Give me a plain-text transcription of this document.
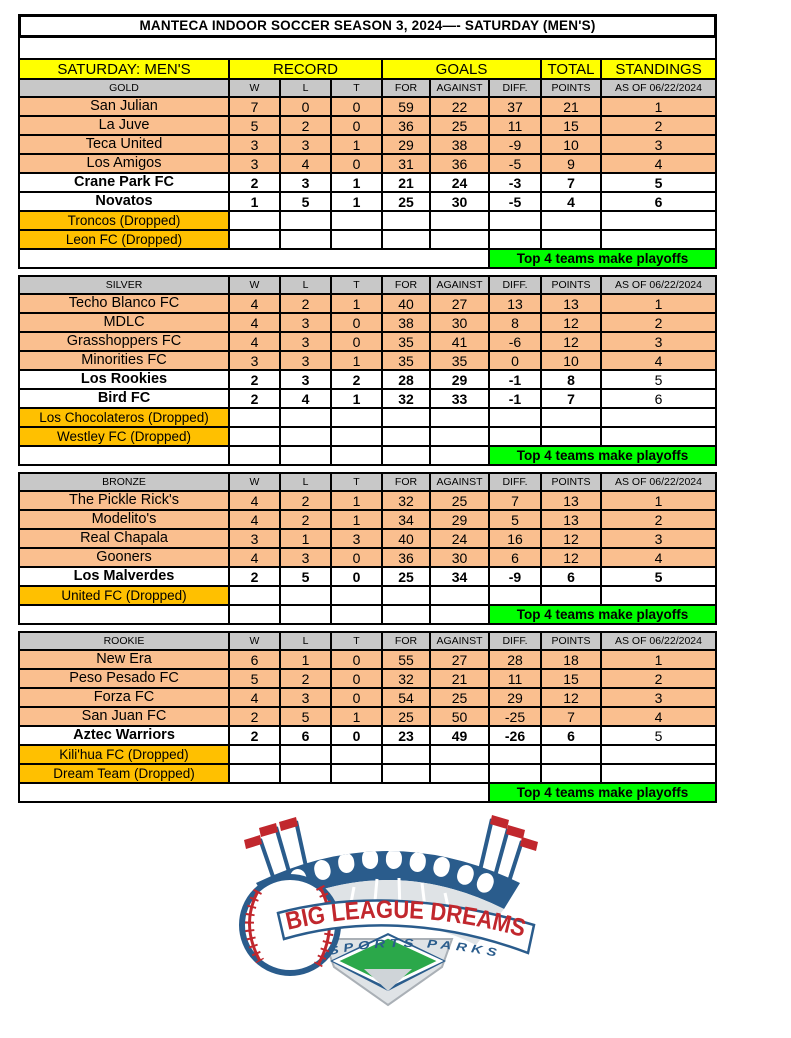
MANTECA INDOOR SOCCER SEASON 3, 2024—- SATURDAY (MEN'S)
SATURDAY: MEN'S	RECORD			GOALS			TOTAL	STANDINGS
GOLD	W	L	T	FOR	AGAINST	DIFF.	POINTS	AS OF 06/22/2024
San Julian	7	0	0	59	22	37	21	1
La Juve	5	2	0	36	25	11	15	2
Teca United	3	3	1	29	38	-9	10	3
Los Amigos	3	4	0	31	36	-5	9	4
Crane Park FC	2	3	1	21	24	-3	7	5
Novatos	1	5	1	25	30	-5	4	6
Troncos (Dropped)								
Leon FC (Dropped)								
						Top 4 teams make playoffs		
SILVER	W	L	T	FOR	AGAINST	DIFF.	POINTS	AS OF 06/22/2024
Techo Blanco FC	4	2	1	40	27	13	13	1
MDLC	4	3	0	38	30	8	12	2
Grasshoppers FC	4	3	0	35	41	-6	12	3
Minorities FC	3	3	1	35	35	0	10	4
Los Rookies	2	3	2	28	29	-1	8	5
Bird FC	2	4	1	32	33	-1	7	6
Los Chocolateros (Dropped)								
Westley FC (Dropped)								
						Top 4 teams make playoffs		
BRONZE	W	L	T	FOR	AGAINST	DIFF.	POINTS	AS OF 06/22/2024
The Pickle Rick's	4	2	1	32	25	7	13	1
Modelito's	4	2	1	34	29	5	13	2
Real Chapala	3	1	3	40	24	16	12	3
Gooners	4	3	0	36	30	6	12	4
Los Malverdes	2	5	0	25	34	-9	6	5
United FC (Dropped)								
						Top 4 teams make playoffs		
ROOKIE	W	L	T	FOR	AGAINST	DIFF.	POINTS	AS OF 06/22/2024
New Era	6	1	0	55	27	28	18	1
Peso Pesado FC	5	2	0	32	21	11	15	2
Forza FC	4	3	0	54	25	29	12	3
San Juan FC	2	5	1	25	50	-25	7	4
Aztec Warriors	2	6	0	23	49	-26	6	5
Kili'hua FC (Dropped)								
Dream Team (Dropped)								
						Top 4 teams make playoffs		
BIG LEAGUE DREAMS
SPORTS PARKS
